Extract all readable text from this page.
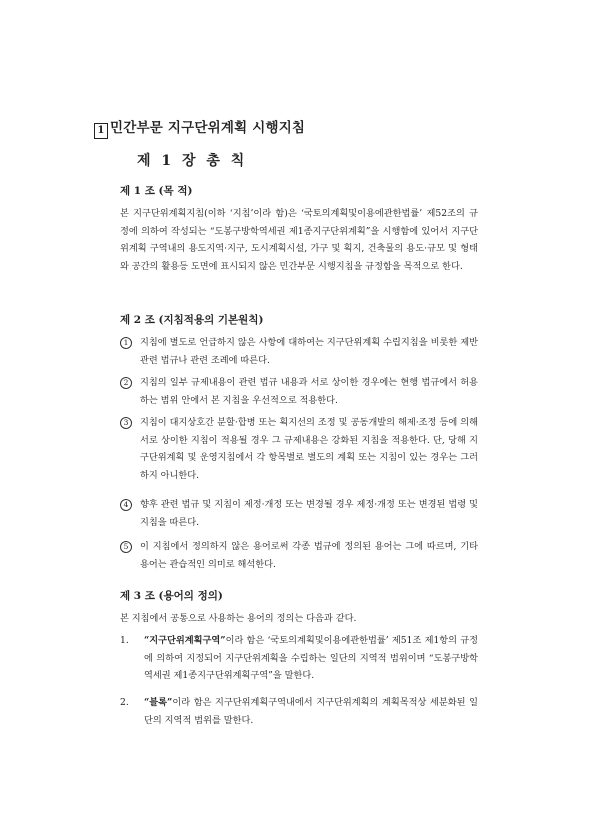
1 민간부문 지구단위계획 시행지침
제 1 장 총 칙
제 1 조 (목 적)
본 지구단위계획지침(이하 ‘지침’이라 함)은 ‘국토의계획및이용에관한법률’ 제52조의 규정에 의하여 작성되는 “도봉구방학역세권 제1종지구단위계획”을 시행함에 있어서 지구단위계획 구역내의 용도지역·지구, 도시계획시설, 가구 및 획지, 건축물의 용도·규모 및 형태와 공간의 활용등 도면에 표시되지 않은 민간부문 시행지침을 규정함을 목적으로 한다.
제 2 조 (지침적용의 기본원칙)
1	지침에 별도로 언급하지 않은 사항에 대하여는 지구단위계획 수립지침을 비롯한 제반 관련 법규나 관련 조례에 따른다.
2	지침의 일부 규제내용이 관련 법규 내용과 서로 상이한 경우에는 현행 법규에서 허용하는 범위 안에서 본 지침을 우선적으로 적용한다.
3	지침이 대지상호간 분할·합병 또는 획지선의 조정 및 공동개발의 해제·조정 등에 의해 서로 상이한 지침이 적용될 경우 그 규제내용은 강화된 지침을 적용한다. 단, 당해 지구단위계획 및 운영지침에서 각 항목별로 별도의 계획 또는 지침이 있는 경우는 그러하지 아니한다.
4	향후 관련 법규 및 지침이 제정·개정 또는 변경될 경우 제정·개정 또는 변경된 법령 및 지침을 따른다.
5	이 지침에서 정의하지 않은 용어로써 각종 법규에 정의된 용어는 그에 따르며, 기타 용어는 관습적인 의미로 해석한다.
제 3 조 (용어의 정의)
본 지침에서 공통으로 사용하는 용어의 정의는 다음과 같다.
1. “지구단위계획구역”이라 함은 ‘국토의계획및이용에관한법률’ 제51조 제1항의 규정에 의하여 지정되어 지구단위계획을 수립하는 일단의 지역적 범위이며 “도봉구방학역세권 제1종지구단위계획구역”을 말한다.
2. “블록”이라 함은 지구단위계획구역내에서 지구단위계획의 계획목적상 세분화된 일단의 지역적 범위를 말한다.
